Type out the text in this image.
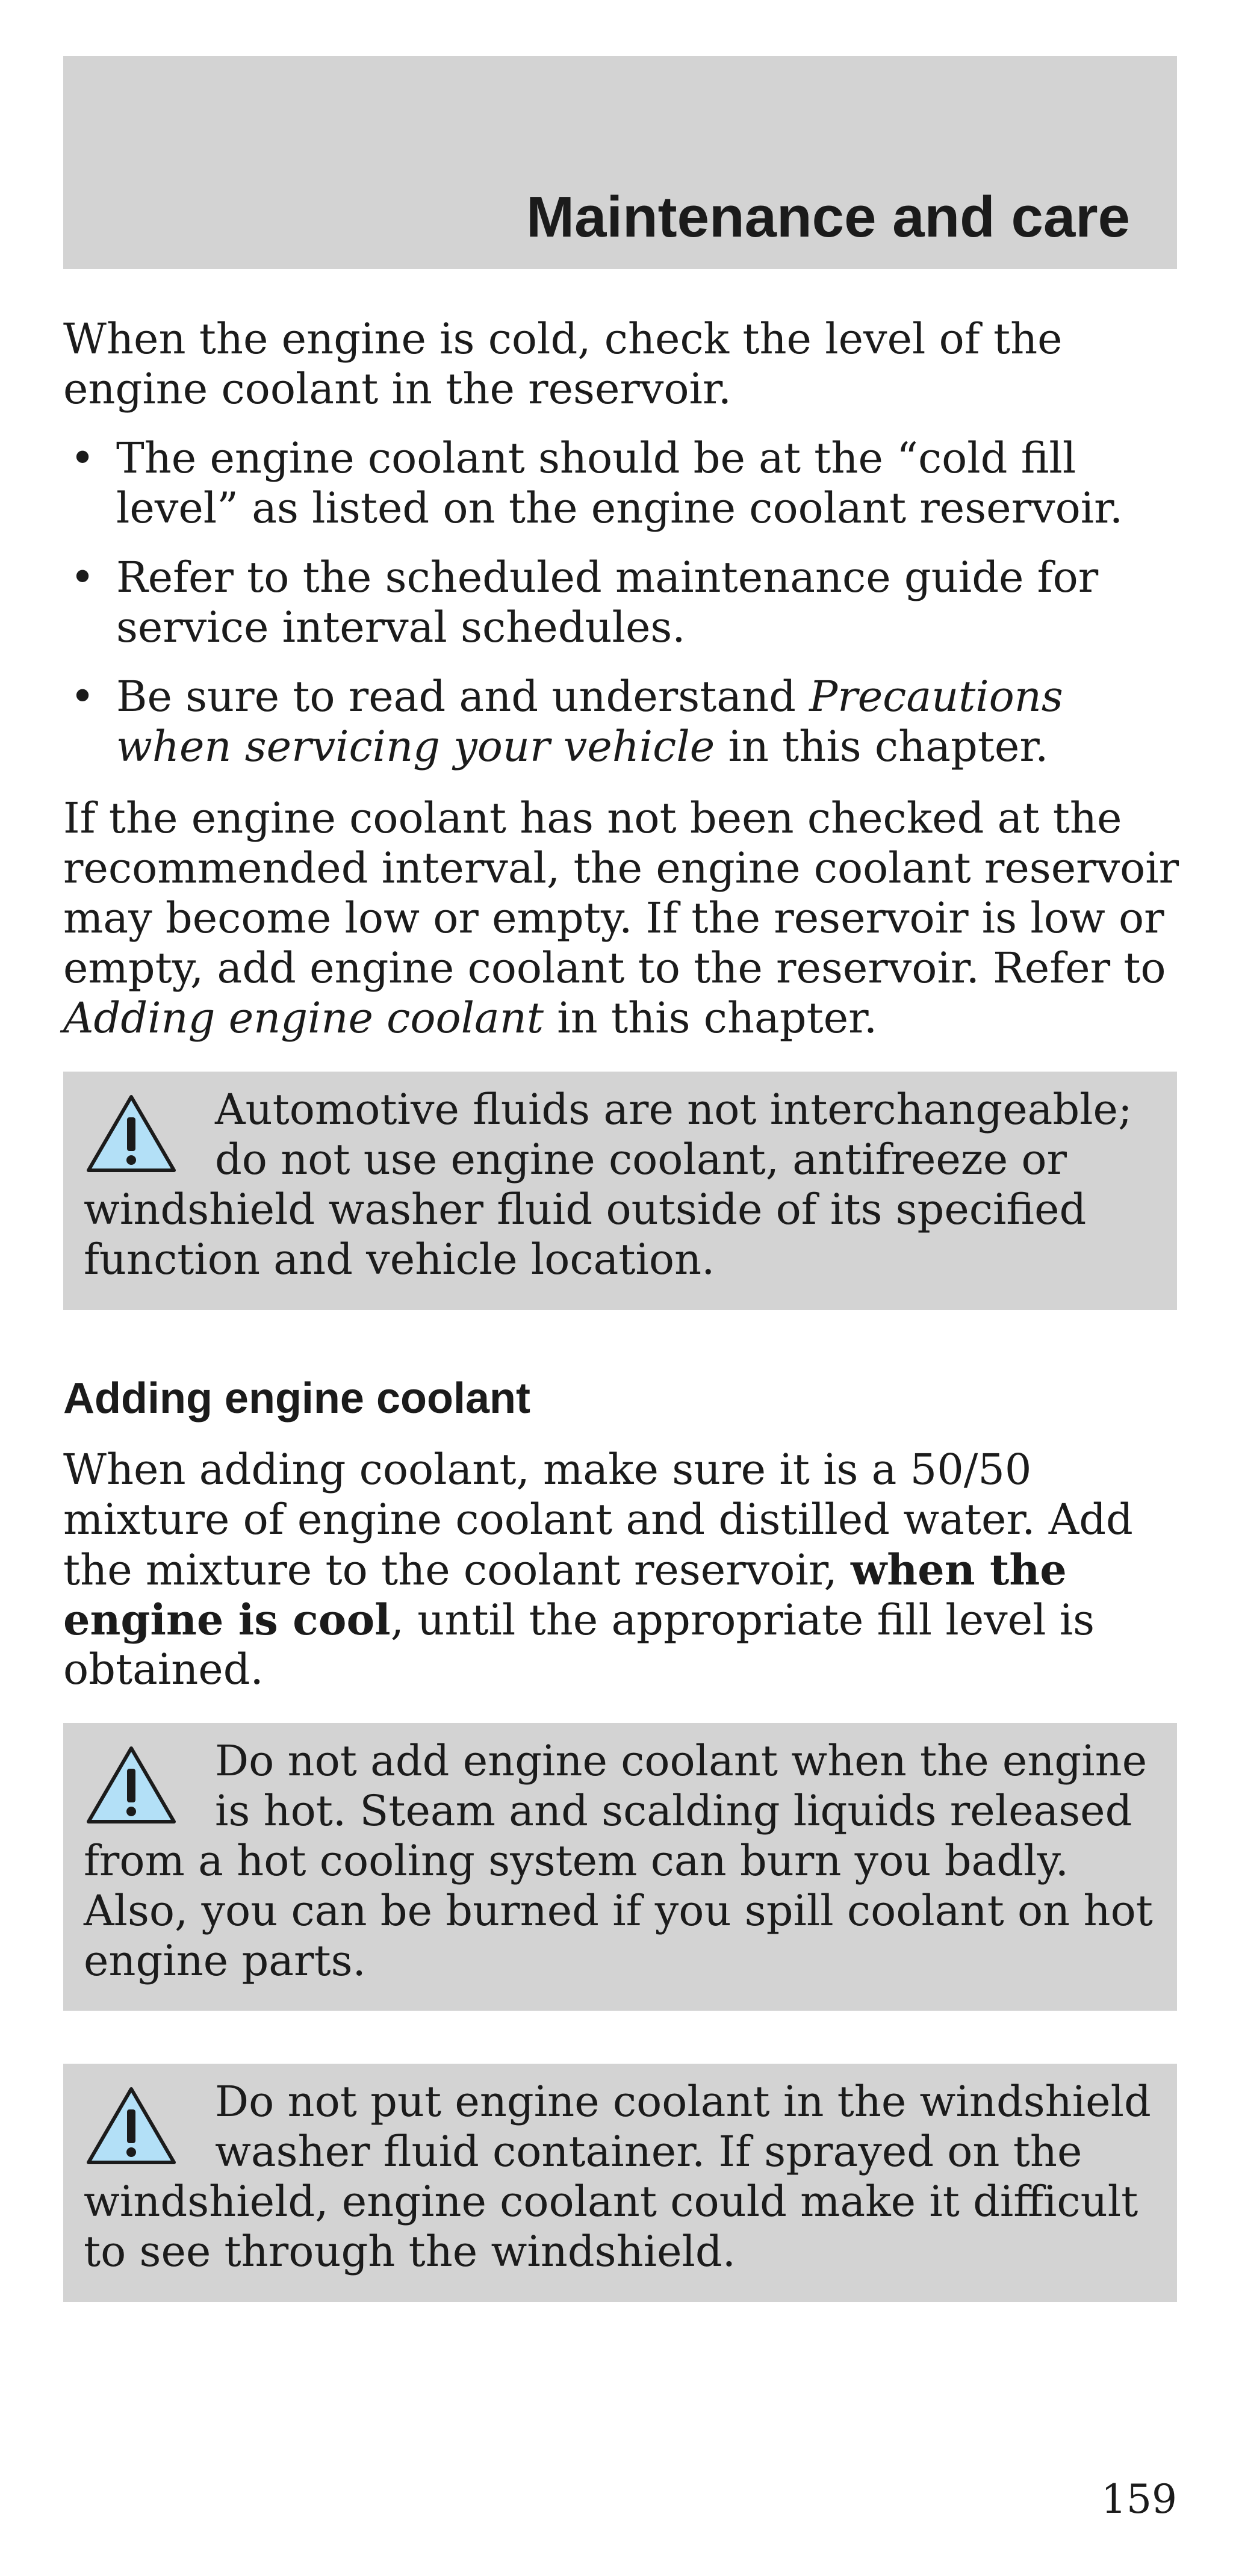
Maintenance and care
When the engine is cold, check the level of the
engine coolant in the reservoir.
• The engine coolant should be at the “cold fill
level” as listed on the engine coolant reservoir.
• Refer to the scheduled maintenance guide for
service interval schedules.
• Be sure to read and understand Precautions
when servicing your vehicle in this chapter.
If the engine coolant has not been checked at the
recommended interval, the engine coolant reservoir
may become low or empty. If the reservoir is low or
empty, add engine coolant to the reservoir. Refer to
Adding engine coolant in this chapter.
Automotive fluids are not interchangeable;
do not use engine coolant, antifreeze or
windshield washer fluid outside of its specified
function and vehicle location.
Adding engine coolant
When adding coolant, make sure it is a 50/50
mixture of engine coolant and distilled water. Add
the mixture to the coolant reservoir, when the
engine is cool, until the appropriate fill level is
obtained.
Do not add engine coolant when the engine
is hot. Steam and scalding liquids released
from a hot cooling system can burn you badly.
Also, you can be burned if you spill coolant on hot
engine parts.
Do not put engine coolant in the windshield
washer fluid container. If sprayed on the
windshield, engine coolant could make it difficult
to see through the windshield.
159
